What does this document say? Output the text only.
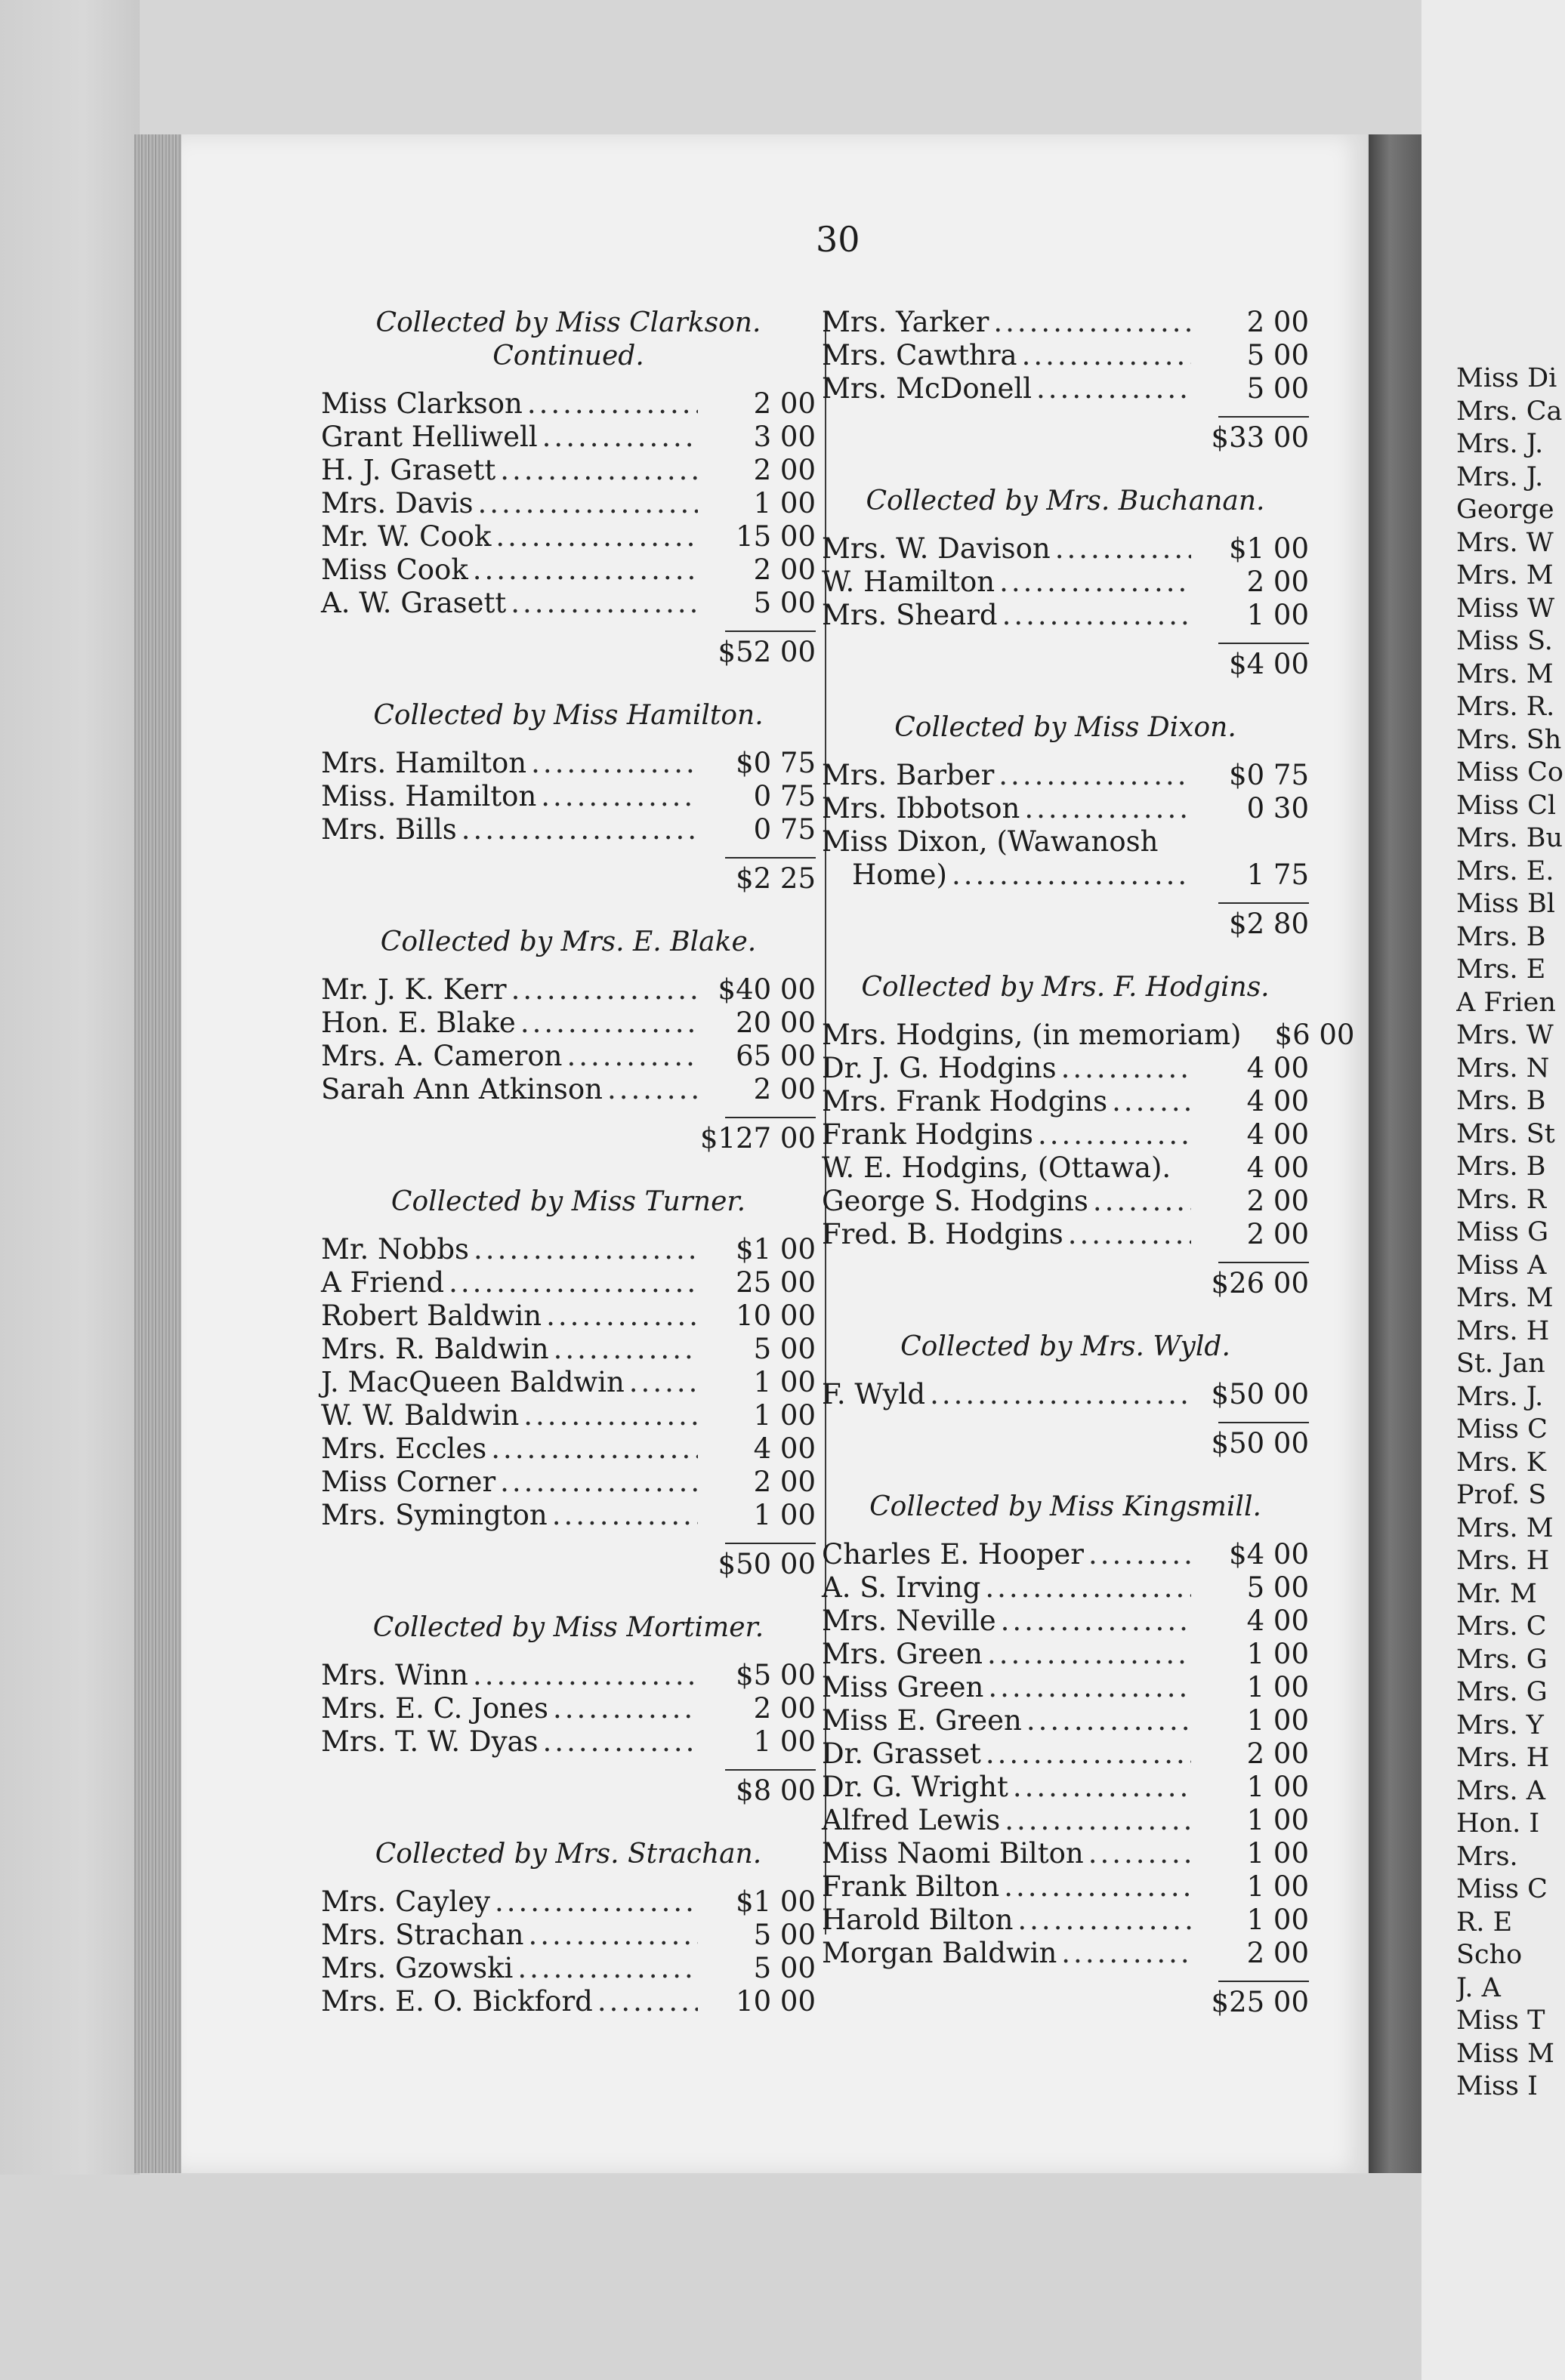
30
Collected by Miss Clarkson.
Continued.
Miss Clarkson .....	2 00
Grant Helliwell .....	3 00
H. J. Grasett .....	2 00
Mrs. Davis .....	1 00
Mr. W. Cook .....	15 00
Miss Cook .....	2 00
A. W. Grasett .....	5 00
$52 00
Collected by Miss Hamilton.
Mrs. Hamilton .....	$0 75
Miss. Hamilton .....	0 75
Mrs. Bills .....	0 75
$2 25
Collected by Mrs. E. Blake.
Mr. J. K. Kerr .....	$40 00
Hon. E. Blake .....	20 00
Mrs. A. Cameron .....	65 00
Sarah Ann Atkinson .....	2 00
$127 00
Collected by Miss Turner.
Mr. Nobbs .....	$1 00
A Friend .....	25 00
Robert Baldwin .....	10 00
Mrs. R. Baldwin .....	5 00
J. MacQueen Baldwin .....	1 00
W. W. Baldwin .....	1 00
Mrs. Eccles .....	4 00
Miss Corner .....	2 00
Mrs. Symington .....	1 00
$50 00
Collected by Miss Mortimer.
Mrs. Winn .....	$5 00
Mrs. E. C. Jones .....	2 00
Mrs. T. W. Dyas .....	1 00
$8 00
Collected by Mrs. Strachan.
Mrs. Cayley .....	$1 00
Mrs. Strachan .....	5 00
Mrs. Gzowski .....	5 00
Mrs. E. O. Bickford .....	10 00
Mrs. Yarker .....	2 00
Mrs. Cawthra .....	5 00
Mrs. McDonell .....	5 00
$33 00
Collected by Mrs. Buchanan.
Mrs. W. Davison .....	$1 00
W. Hamilton .....	2 00
Mrs. Sheard .....	1 00
$4 00
Collected by Miss Dixon.
Mrs. Barber .....	$0 75
Mrs. Ibbotson .....	0 30
Miss Dixon, (Wawanosh
Home) .....	1 75
$2 80
Collected by Mrs. F. Hodgins.
Mrs. Hodgins, (in memoriam)	$6 00
Dr. J. G. Hodgins .....	4 00
Mrs. Frank Hodgins .....	4 00
Frank Hodgins .....	4 00
W. E. Hodgins, (Ottawa).	4 00
George S. Hodgins .....	2 00
Fred. B. Hodgins .....	2 00
$26 00
Collected by Mrs. Wyld.
F. Wyld .....	$50 00
$50 00
Collected by Miss Kingsmill.
Charles E. Hooper .....	$4 00
A. S. Irving .....	5 00
Mrs. Neville .....	4 00
Mrs. Green .....	1 00
Miss Green .....	1 00
Miss E. Green .....	1 00
Dr. Grasset .....	2 00
Dr. G. Wright .....	1 00
Alfred Lewis .....	1 00
Miss Naomi Bilton .....	1 00
Frank Bilton .....	1 00
Harold Bilton .....	1 00
Morgan Baldwin .....	2 00
$25 00
Miss Di
Mrs. Ca
Mrs. J.
Mrs. J.
George
Mrs. W
Mrs. M
Miss W
Miss S.
Mrs. M
Mrs. R.
Mrs. Sh
Miss Co
Miss Cl
Mrs. Bu
Mrs. E.
Miss Bl
Mrs. B
Mrs. E
A Frien
Mrs. W
Mrs. N
Mrs. B
Mrs. St
Mrs. B
Mrs. R
Miss G
Miss A
Mrs. M
Mrs. H
St. Jan
Mrs. J.
Miss C
Mrs. K
Prof. S
Mrs. M
Mrs. H
Mr. M
Mrs. C
Mrs. G
Mrs. G
Mrs. Y
Mrs. H
Mrs. A
Hon. I
Mrs.
Miss C
R. E
Scho
J. A
Miss T
Miss M
Miss I
